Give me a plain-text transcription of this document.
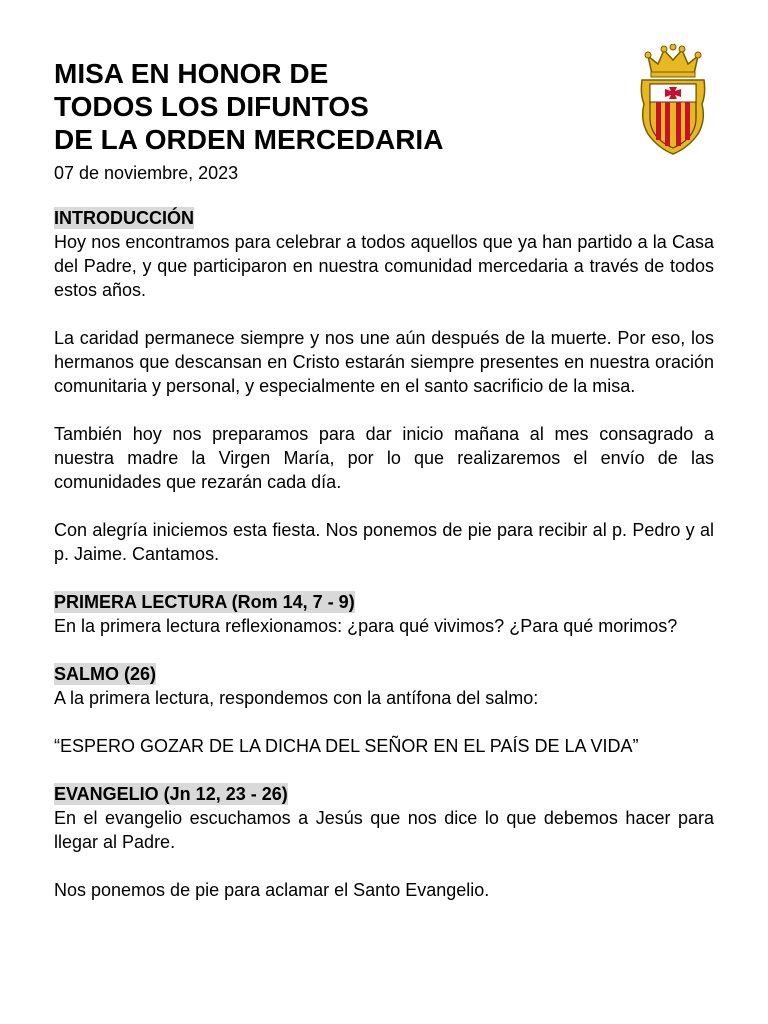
MISA EN HONOR DE
TODOS LOS DIFUNTOS
DE LA ORDEN MERCEDARIA
07 de noviembre, 2023
INTRODUCCIÓN

Hoy nos encontramos para celebrar a todos aquellos que ya han partido a la Casa del Padre, y que participaron en nuestra comunidad mercedaria a través de todos estos años.

La caridad permanece siempre y nos une aún después de la muerte. Por eso, los hermanos que descansan en Cristo estarán siempre presentes en nuestra oración comunitaria y personal, y especialmente en el santo sacrificio de la misa.

También hoy nos preparamos para dar inicio mañana al mes consagrado a nuestra madre la Virgen María, por lo que realizaremos el envío de las comunidades que rezarán cada día.

Con alegría iniciemos esta fiesta. Nos ponemos de pie para recibir al p. Pedro y al p. Jaime. Cantamos.

PRIMERA LECTURA (Rom 14, 7 - 9)

En la primera lectura reflexionamos: ¿para qué vivimos? ¿Para qué morimos?

SALMO (26)

A la primera lectura, respondemos con la antífona del salmo:

“ESPERO GOZAR DE LA DICHA DEL SEÑOR EN EL PAÍS DE LA VIDA”

EVANGELIO (Jn 12, 23 - 26)

En el evangelio escuchamos a Jesús que nos dice lo que debemos hacer para llegar al Padre.

Nos ponemos de pie para aclamar el Santo Evangelio.
